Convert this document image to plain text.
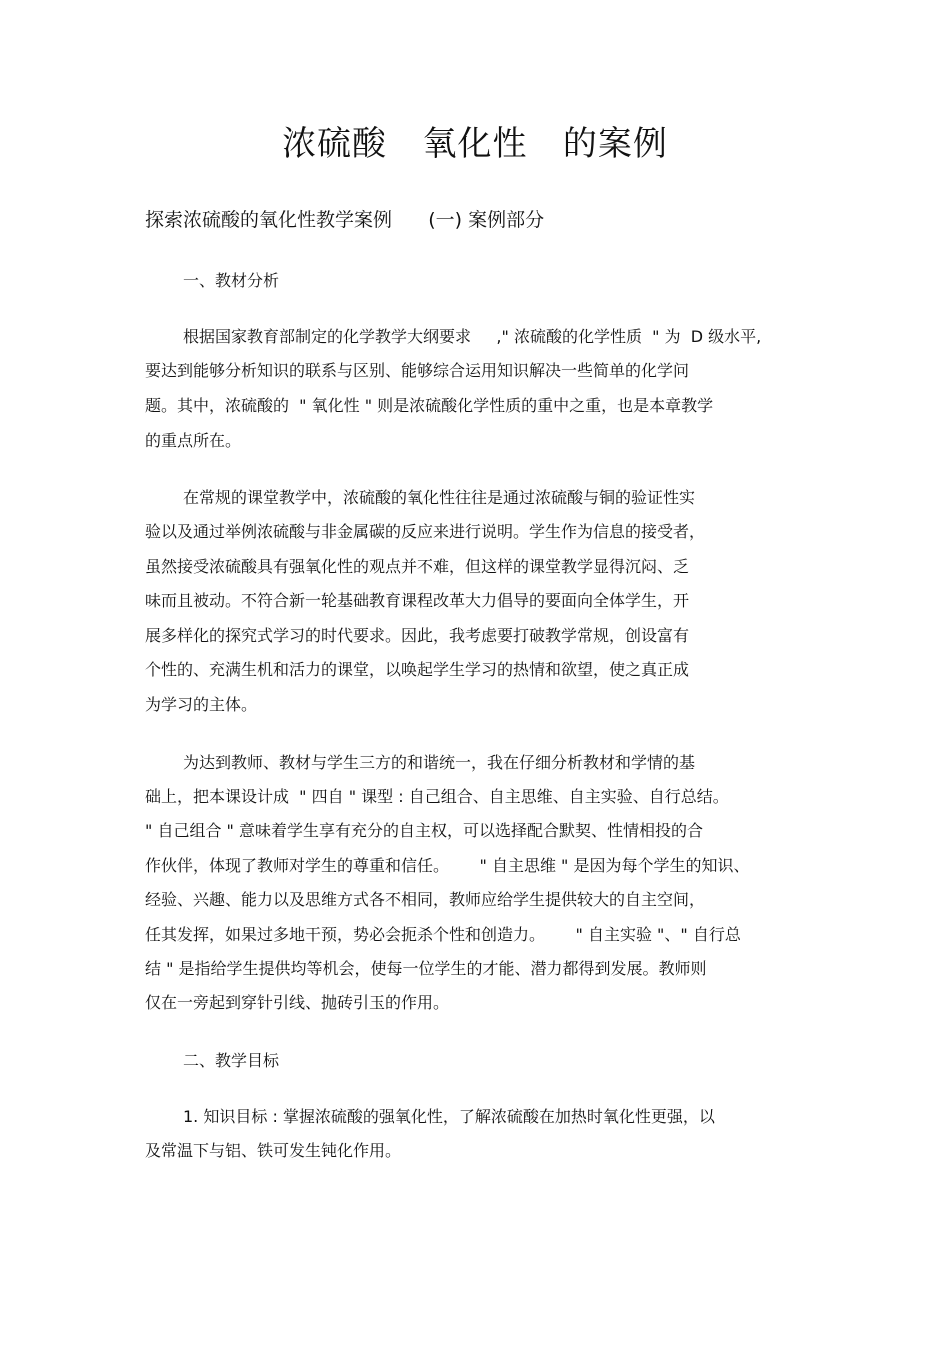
浓硫酸   氧化性   的案例
探索浓硫酸的氧化性教学案例      (一) 案例部分
一、教材分析
根据国家教育部制定的化学教学大纲要求     ," 浓硫酸的化学性质  " 为  D 级水平,
要达到能够分析知识的联系与区别、能够综合运用知识解决一些简单的化学问
题。其中，浓硫酸的  " 氧化性 " 则是浓硫酸化学性质的重中之重，也是本章教学
的重点所在。
在常规的课堂教学中，浓硫酸的氧化性往往是通过浓硫酸与铜的验证性实
验以及通过举例浓硫酸与非金属碳的反应来进行说明。学生作为信息的接受者，
虽然接受浓硫酸具有强氧化性的观点并不难，但这样的课堂教学显得沉闷、乏
味而且被动。不符合新一轮基础教育课程改革大力倡导的要面向全体学生，开
展多样化的探究式学习的时代要求。因此，我考虑要打破教学常规，创设富有
个性的、充满生机和活力的课堂，以唤起学生学习的热情和欲望，使之真正成
为学习的主体。
为达到教师、教材与学生三方的和谐统一，我在仔细分析教材和学情的基
础上，把本课设计成  " 四自 " 课型 : 自己组合、自主思维、自主实验、自行总结。
" 自己组合 " 意味着学生享有充分的自主权，可以选择配合默契、性情相投的合
作伙伴，体现了教师对学生的尊重和信任。      " 自主思维 " 是因为每个学生的知识、
经验、兴趣、能力以及思维方式各不相同，教师应给学生提供较大的自主空间，
任其发挥，如果过多地干预，势必会扼杀个性和创造力。      " 自主实验 "、" 自行总
结 " 是指给学生提供均等机会，使每一位学生的才能、潜力都得到发展。教师则
仅在一旁起到穿针引线、抛砖引玉的作用。
二、教学目标
1. 知识目标 : 掌握浓硫酸的强氧化性，了解浓硫酸在加热时氧化性更强，以
及常温下与铝、铁可发生钝化作用。
